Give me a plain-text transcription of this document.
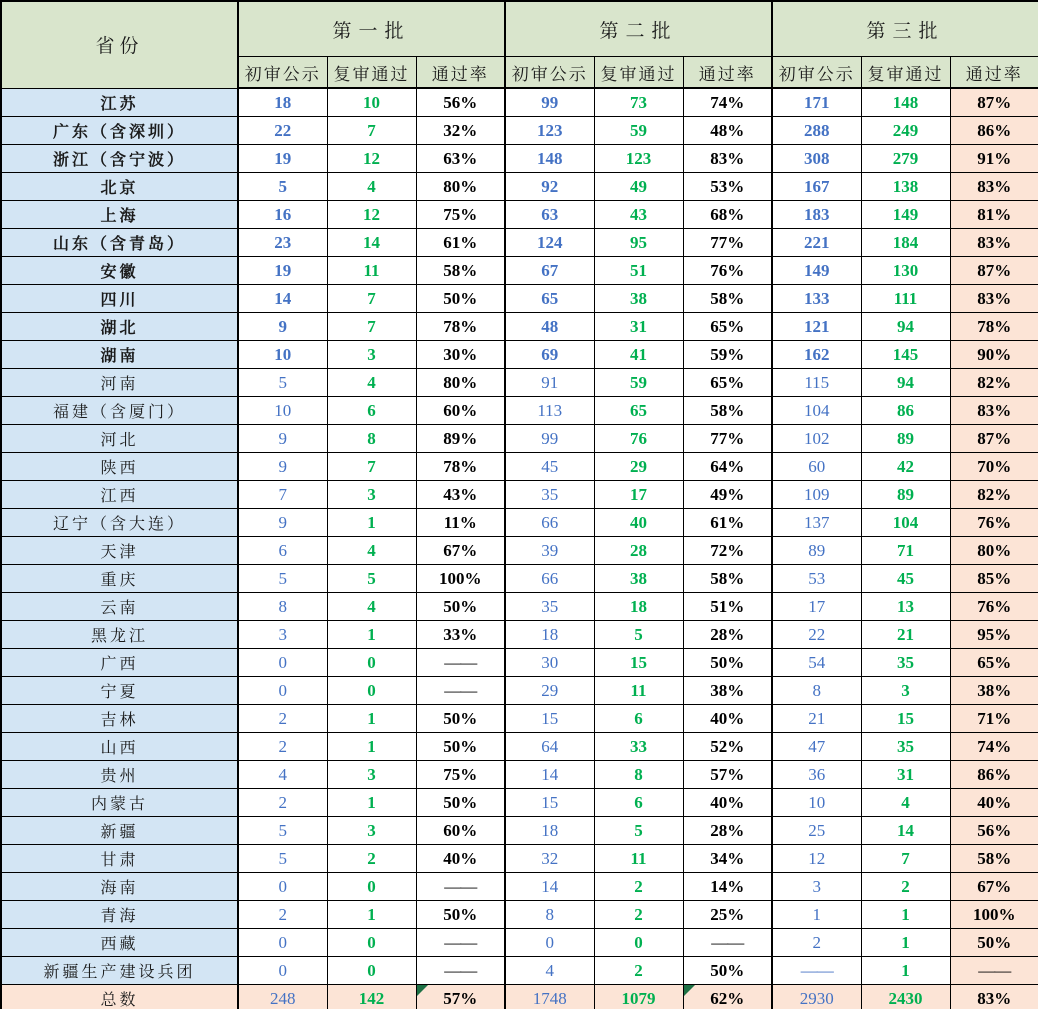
省份	第一批			第二批			第三批		
	初审公示	复审通过	通过率	初审公示	复审通过	通过率	初审公示	复审通过	通过率
江苏	18	10	56%	99	73	74%	171	148	87%
广东（含深圳）	22	7	32%	123	59	48%	288	249	86%
浙江（含宁波）	19	12	63%	148	123	83%	308	279	91%
北京	5	4	80%	92	49	53%	167	138	83%
上海	16	12	75%	63	43	68%	183	149	81%
山东（含青岛）	23	14	61%	124	95	77%	221	184	83%
安徽	19	11	58%	67	51	76%	149	130	87%
四川	14	7	50%	65	38	58%	133	111	83%
湖北	9	7	78%	48	31	65%	121	94	78%
湖南	10	3	30%	69	41	59%	162	145	90%
河南	5	4	80%	91	59	65%	115	94	82%
福建（含厦门）	10	6	60%	113	65	58%	104	86	83%
河北	9	8	89%	99	76	77%	102	89	87%
陕西	9	7	78%	45	29	64%	60	42	70%
江西	7	3	43%	35	17	49%	109	89	82%
辽宁（含大连）	9	1	11%	66	40	61%	137	104	76%
天津	6	4	67%	39	28	72%	89	71	80%
重庆	5	5	100%	66	38	58%	53	45	85%
云南	8	4	50%	35	18	51%	17	13	76%
黑龙江	3	1	33%	18	5	28%	22	21	95%
广西	0	0	——	30	15	50%	54	35	65%
宁夏	0	0	——	29	11	38%	8	3	38%
吉林	2	1	50%	15	6	40%	21	15	71%
山西	2	1	50%	64	33	52%	47	35	74%
贵州	4	3	75%	14	8	57%	36	31	86%
内蒙古	2	1	50%	15	6	40%	10	4	40%
新疆	5	3	60%	18	5	28%	25	14	56%
甘肃	5	2	40%	32	11	34%	12	7	58%
海南	0	0	——	14	2	14%	3	2	67%
青海	2	1	50%	8	2	25%	1	1	100%
西藏	0	0	——	0	0	——	2	1	50%
新疆生产建设兵团	0	0	——	4	2	50%	——	1	——
总数	248	142	57%	1748	1079	62%	2930	2430	83%
